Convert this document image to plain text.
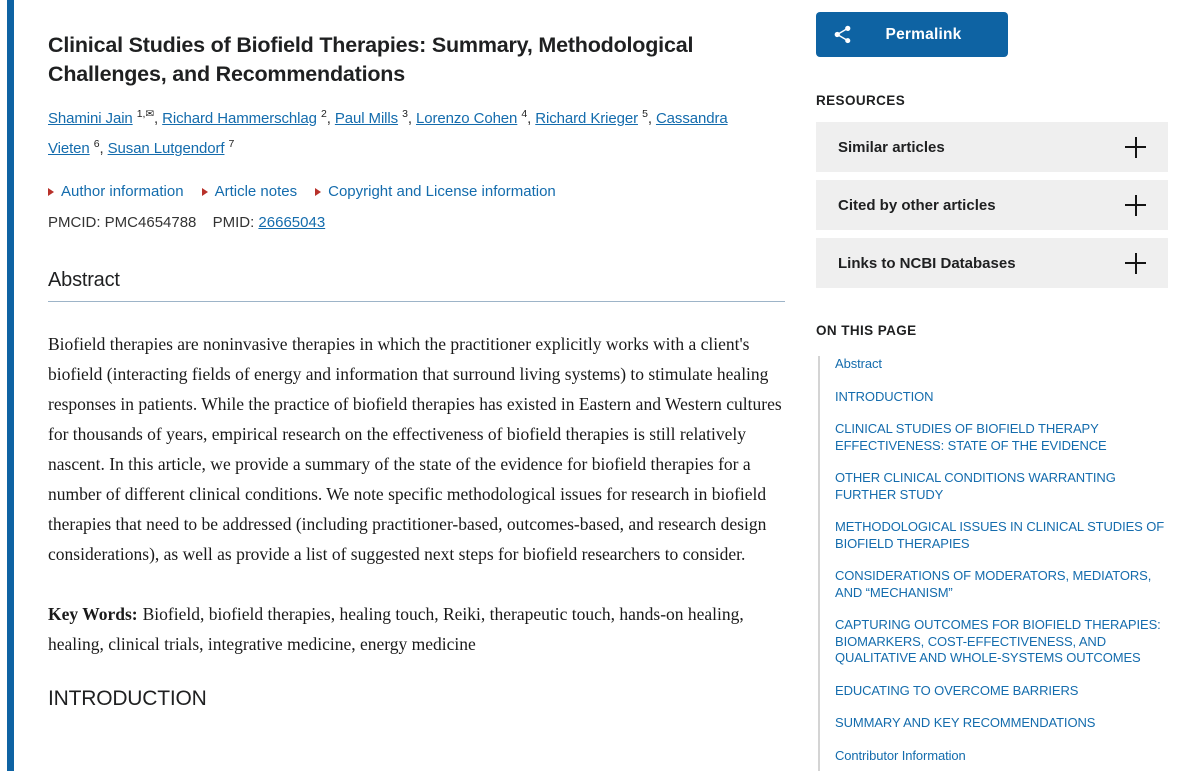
Clinical Studies of Biofield Therapies: Summary, Methodological Challenges, and Recommendations
Shamini Jain $^{1,✉}$, Richard Hammerschlag $^2$, Paul Mills $^3$, Lorenzo Cohen $^4$, Richard Krieger $^5$, Cassandra Vieten $^6$, Susan Lutgendorf $^7$
Author information Article notes Copyright and License information
PMCID: PMC4654788 PMID: 26665043
Abstract

Biofield therapies are noninvasive therapies in which the practitioner explicitly works with a client's biofield (interacting fields of energy and information that surround living systems) to stimulate healing responses in patients. While the practice of biofield therapies has existed in Eastern and Western cultures for thousands of years, empirical research on the effectiveness of biofield therapies is still relatively nascent. In this article, we provide a summary of the state of the evidence for biofield therapies for a number of different clinical conditions. We note specific methodological issues for research in biofield therapies that need to be addressed (including practitioner-based, outcomes-based, and research design considerations), as well as provide a list of suggested next steps for biofield researchers to consider.

Key Words: Biofield, biofield therapies, healing touch, Reiki, therapeutic touch, hands-on healing, healing, clinical trials, integrative medicine, energy medicine

INTRODUCTION
Permalink
RESOURCES
Similar articles
Cited by other articles
Links to NCBI Databases
ON THIS PAGE
Abstract
INTRODUCTION
CLINICAL STUDIES OF BIOFIELD THERAPY EFFECTIVENESS: STATE OF THE EVIDENCE
OTHER CLINICAL CONDITIONS WARRANTING FURTHER STUDY
METHODOLOGICAL ISSUES IN CLINICAL STUDIES OF BIOFIELD THERAPIES
CONSIDERATIONS OF MODERATORS, MEDIATORS, AND “MECHANISM”
CAPTURING OUTCOMES FOR BIOFIELD THERAPIES: BIOMARKERS, COST-EFFECTIVENESS, AND QUALITATIVE AND WHOLE-SYSTEMS OUTCOMES
EDUCATING TO OVERCOME BARRIERS
SUMMARY AND KEY RECOMMENDATIONS
Contributor Information
